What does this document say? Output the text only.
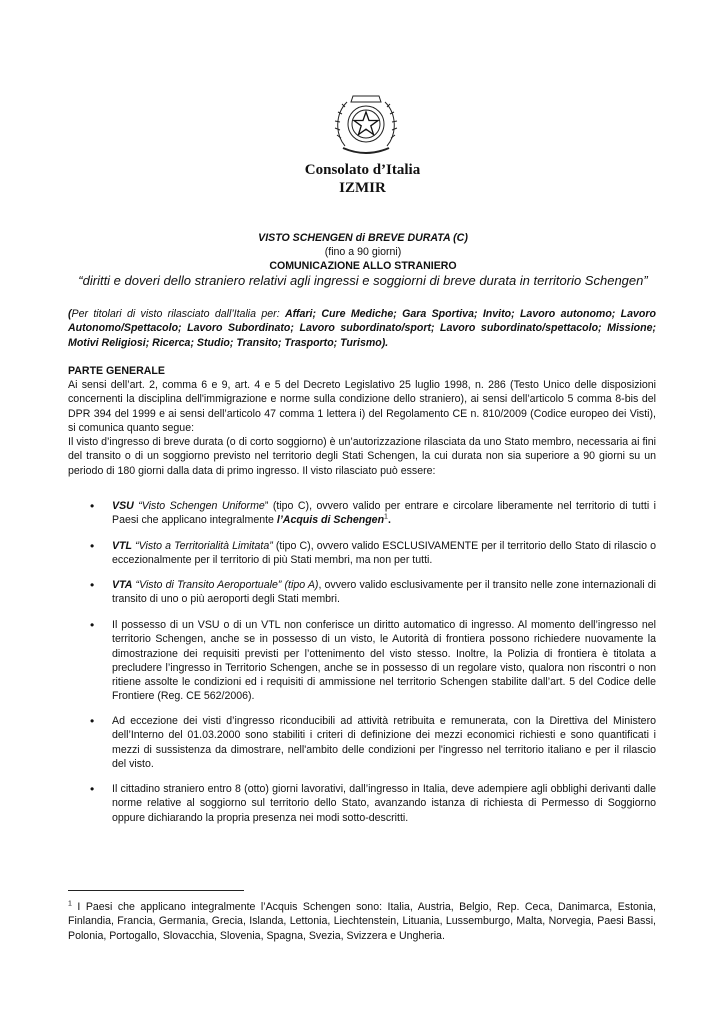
Consolato d’Italia
IZMIR
VISTO SCHENGEN di BREVE DURATA (C)
(fino a 90 giorni)
COMUNICAZIONE ALLO STRANIERO
“diritti e doveri dello straniero relativi agli ingressi e soggiorni di breve durata in territorio Schengen”
(Per titolari di visto rilasciato dall’Italia per: Affari; Cure Mediche; Gara Sportiva; Invito; Lavoro autonomo; Lavoro Autonomo/Spettacolo; Lavoro Subordinato; Lavoro subordinato/sport; Lavoro subordinato/spettacolo; Missione; Motivi Religiosi; Ricerca; Studio; Transito; Trasporto; Turismo).
PARTE GENERALE
Ai sensi dell’art. 2, comma 6 e 9, art. 4 e 5 del Decreto Legislativo 25 luglio 1998, n. 286 (Testo Unico delle disposizioni concernenti la disciplina dell'immigrazione e norme sulla condizione dello straniero), ai sensi dell’articolo 5 comma 8-bis del DPR 394 del 1999 e ai sensi dell’articolo 47 comma 1 lettera i) del Regolamento CE n. 810/2009 (Codice europeo dei Visti), si comunica quanto segue:
Il visto d’ingresso di breve durata (o di corto soggiorno) è un’autorizzazione rilasciata da uno Stato membro, necessaria ai fini del transito o di un soggiorno previsto nel territorio degli Stati Schengen, la cui durata non sia superiore a 90 giorni su un periodo di 180 giorni dalla data di primo ingresso. Il visto rilasciato può essere:
•	VSU “Visto Schengen Uniforme” (tipo C), ovvero valido per entrare e circolare liberamente nel territorio di tutti i Paesi che applicano integralmente l’Acquis di Schengen$^1$.
•	VTL “Visto a Territorialità Limitata” (tipo C), ovvero valido ESCLUSIVAMENTE per il territorio dello Stato di rilascio o eccezionalmente per il territorio di più Stati membri, ma non per tutti.
•	VTA “Visto di Transito Aeroportuale” (tipo A), ovvero valido esclusivamente per il transito nelle zone internazionali di transito di uno o più aeroporti degli Stati membri.
•	Il possesso di un VSU o di un VTL non conferisce un diritto automatico di ingresso. Al momento dell’ingresso nel territorio Schengen, anche se in possesso di un visto, le Autorità di frontiera possono richiedere nuovamente la dimostrazione dei requisiti previsti per l’ottenimento del visto stesso. Inoltre, la Polizia di frontiera è titolata a precludere l’ingresso in Territorio Schengen, anche se in possesso di un regolare visto, qualora non riscontri o non ritiene assolte le condizioni ed i requisiti di ammissione nel territorio Schengen stabilite dall’art. 5 del Codice delle Frontiere (Reg. CE 562/2006).
•	Ad eccezione dei visti d’ingresso riconducibili ad attività retribuita e remunerata, con la Direttiva del Ministero dell’Interno del 01.03.2000 sono stabiliti i criteri di definizione dei mezzi economici richiesti e sono quantificati i mezzi di sussistenza da dimostrare, nell'ambito delle condizioni per l'ingresso nel territorio italiano e per il rilascio del visto.
•	Il cittadino straniero entro 8 (otto) giorni lavorativi, dall’ingresso in Italia, deve adempiere agli obblighi derivanti dalle norme relative al soggiorno sul territorio dello Stato, avanzando istanza di richiesta di Permesso di Soggiorno oppure dichiarando la propria presenza nei modi sotto-descritti.
$^1$ I Paesi che applicano integralmente l’Acquis Schengen sono: Italia, Austria, Belgio, Rep. Ceca, Danimarca, Estonia, Finlandia, Francia, Germania, Grecia, Islanda, Lettonia, Liechtenstein, Lituania, Lussemburgo, Malta, Norvegia, Paesi Bassi, Polonia, Portogallo, Slovacchia, Slovenia, Spagna, Svezia, Svizzera e Ungheria.
